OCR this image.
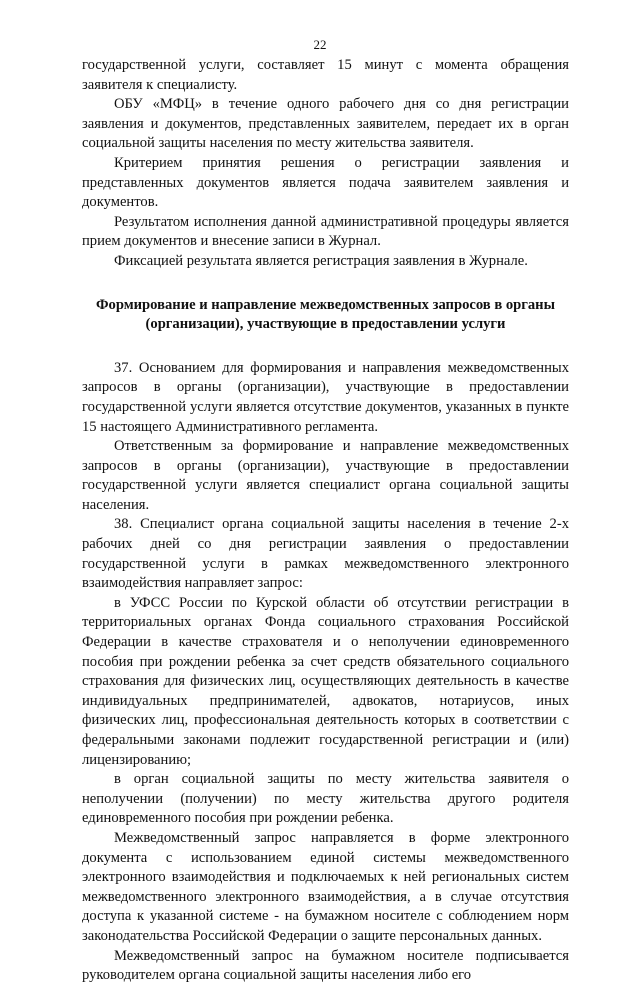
22

государственной услуги, составляет 15 минут с момента обращения заявителя к специалисту.

ОБУ «МФЦ» в течение одного рабочего дня со дня регистрации заявления и документов, представленных заявителем, передает их в орган социальной защиты населения по месту жительства заявителя.

Критерием принятия решения о регистрации заявления и представленных документов является подача заявителем заявления и документов.

Результатом исполнения данной административной процедуры является прием документов и внесение записи в Журнал.

Фиксацией результата является регистрация заявления в Журнале.

Формирование и направление межведомственных запросов в органы (организации), участвующие в предоставлении услуги

37. Основанием для формирования и направления межведомственных запросов в органы (организации), участвующие в предоставлении государственной услуги является отсутствие документов, указанных в пункте 15 настоящего Административного регламента.

Ответственным за формирование и направление межведомственных запросов в органы (организации), участвующие в предоставлении государственной услуги является специалист органа социальной защиты населения.

38. Специалист органа социальной защиты населения в течение 2-х рабочих дней со дня регистрации заявления о предоставлении государственной услуги в рамках межведомственного электронного взаимодействия направляет запрос:

в УФСС России по Курской области об отсутствии регистрации в территориальных органах Фонда социального страхования Российской Федерации в качестве страхователя и о неполучении единовременного пособия при рождении ребенка за счет средств обязательного социального страхования для физических лиц, осуществляющих деятельность в качестве индивидуальных предпринимателей, адвокатов, нотариусов, иных физических лиц, профессиональная деятельность которых в соответствии с федеральными законами подлежит государственной регистрации и (или) лицензированию;

в орган социальной защиты по месту жительства заявителя о неполучении (получении) по месту жительства другого родителя единовременного пособия при рождении ребенка.

Межведомственный запрос направляется в форме электронного документа с использованием единой системы межведомственного электронного взаимодействия и подключаемых к ней региональных систем межведомственного электронного взаимодействия, а в случае отсутствия доступа к указанной системе - на бумажном носителе с соблюдением норм законодательства Российской Федерации о защите персональных данных.

Межведомственный запрос на бумажном носителе подписывается руководителем органа социальной защиты населения либо его
